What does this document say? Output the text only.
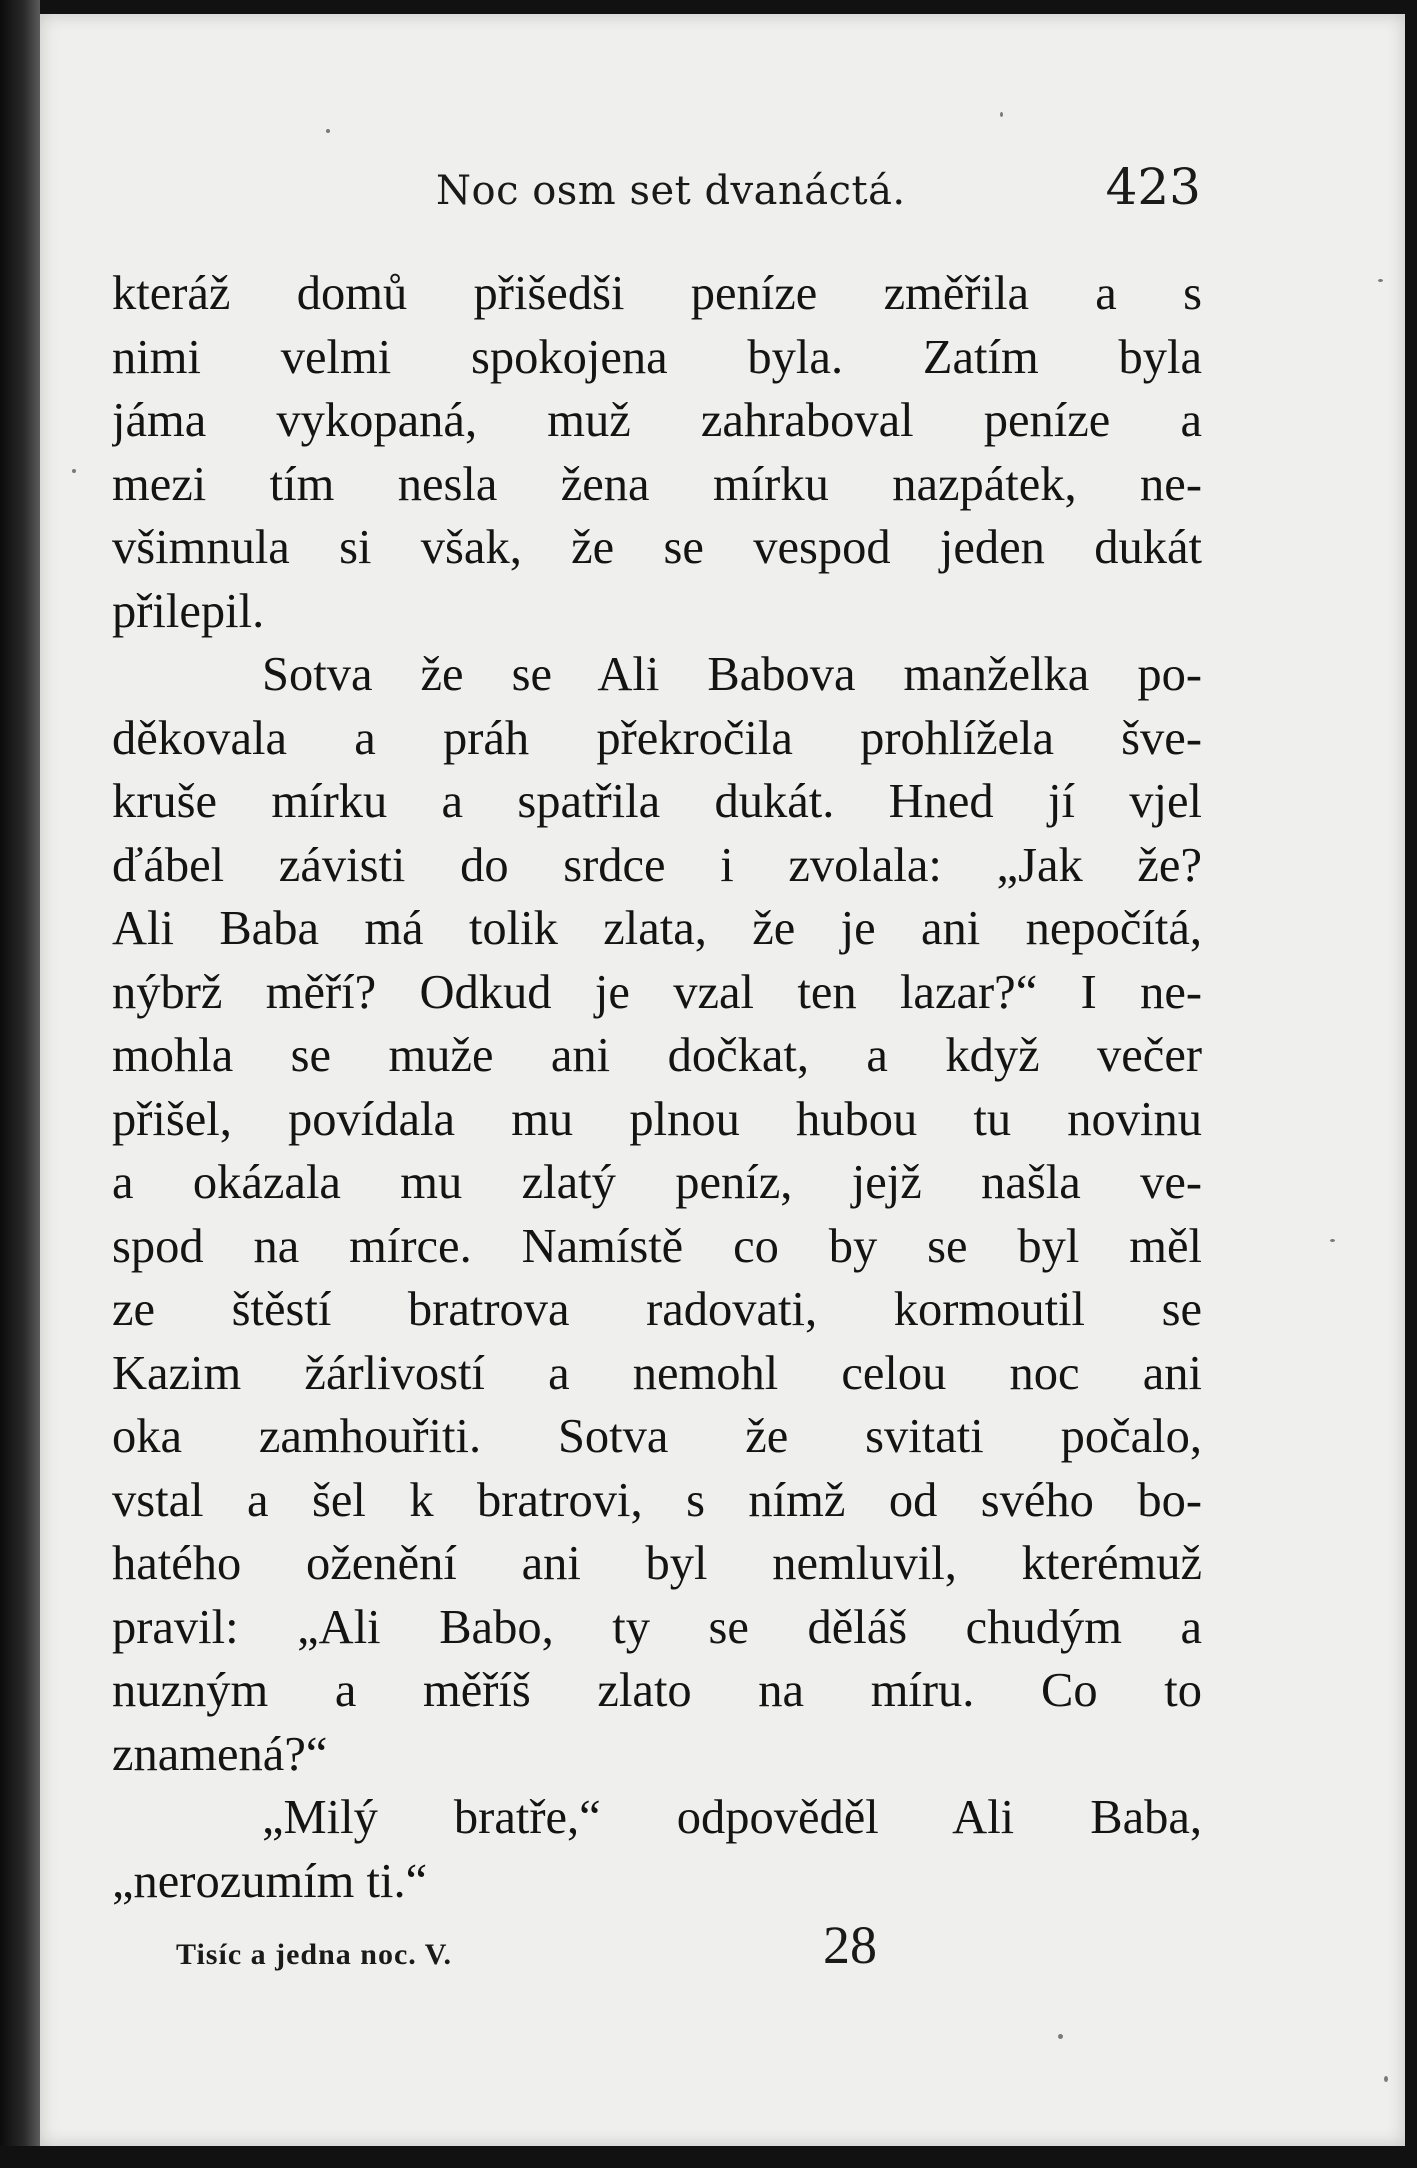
Noc osm set dvanáctá.	423
kteráž domů přišedši peníze změřila a s
nimi velmi spokojena byla. Zatím byla
jáma vykopaná, muž zahraboval peníze a
mezi tím nesla žena mírku nazpátek, ne-
všimnula si však, že se vespod jeden dukát
přilepil.
Sotva že se Ali Babova manželka po-
děkovala a práh překročila prohlížela šve-
kruše mírku a spatřila dukát. Hned jí vjel
ďábel závisti do srdce i zvolala: „Jak že?
Ali Baba má tolik zlata, že je ani nepočítá,
nýbrž měří? Odkud je vzal ten lazar?“ I ne-
mohla se muže ani dočkat, a když večer
přišel, povídala mu plnou hubou tu novinu
a okázala mu zlatý peníz, jejž našla ve-
spod na mírce. Namístě co by se byl měl
ze štěstí bratrova radovati, kormoutil se
Kazim žárlivostí a nemohl celou noc ani
oka zamhouřiti. Sotva že svitati počalo,
vstal a šel k bratrovi, s nímž od svého bo-
hatého oženění ani byl nemluvil, kterémuž
pravil: „Ali Babo, ty se děláš chudým a
nuzným a měříš zlato na míru. Co to
znamená?“
„Milý bratře,“ odpověděl Ali Baba,
„nerozumím ti.“
Tisíc a jedna noc. V.	28
